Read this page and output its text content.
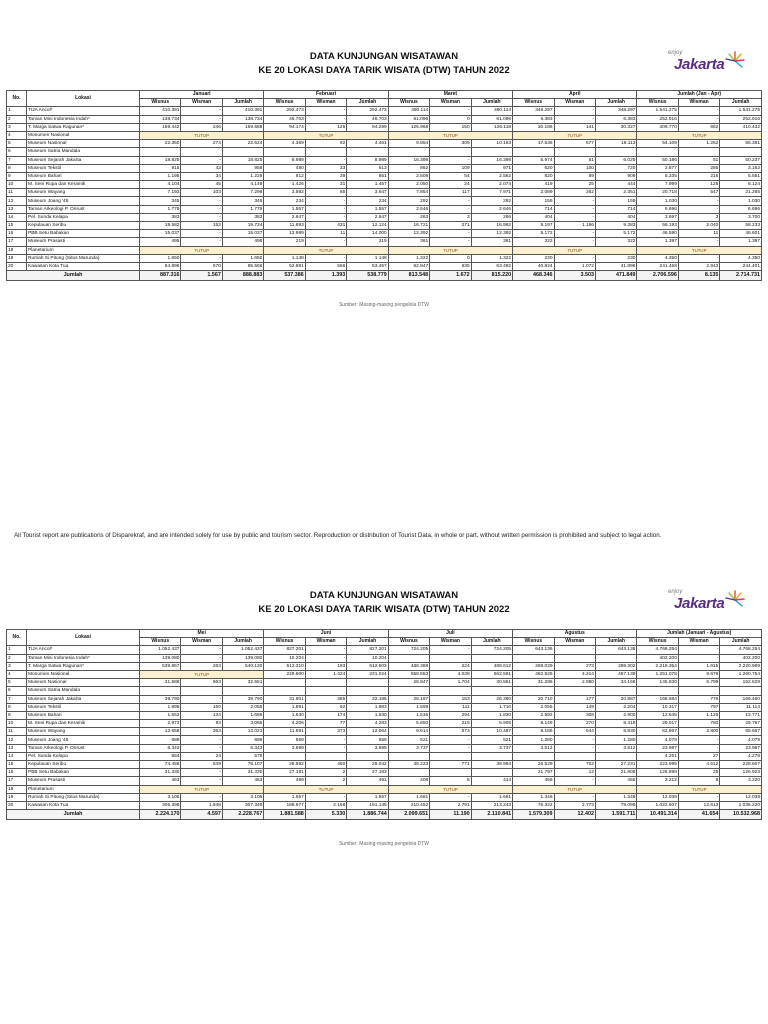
DATA KUNJUNGAN WISATAWAN
KE 20 LOKASI DAYA TARIK WISATA (DTW) TAHUN 2022
enjoy
Jakarta
No.	Lokasi	Januari			Februari			Maret			April			Jumlah (Jan - Apr)		
		Wisnus	Wisman	Jumlah	Wisnus	Wisman	Jumlah	Wisnus	Wisman	Jumlah	Wisnus	Wisman	Jumlah	Wisnus	Wisman	Jumlah
1	TIJA Ancol*	410.391	-	410.391	292.473	-	292.473	490.114	-	490.114	348.297	-	348.297	1.541.275	-	1.541.275
2	Taman Mini Indonesia Indah*	138.734	-	138.734	46.703	-	46.703	61.096	0	61.096	6.383	-	6.383	252.916	-	252.916
3	T. Marga Satwa Ragunan*	159.442	246	159.688	94.174	125	94.299	125.968	150	126.118	30.186	141	30.327	409.770	662	410.432
4	Monumen Nasional	TUTUP			TUTUP			TUTUP			TUTUP			TUTUP		
5	Museum Nasional	22.350	274	22.624	4.369	92	4.461	9.854	309	10.163	17.536	577	18.113	54.109	1.252	55.361
6	Museum Satria Mandala															
7	Museum Sejarah Jakarta	18.825	-	18.825	8.989	-	8.989	16.398	-	16.398	5.974	51	6.025	50.186	51	50.237
8	Museum Tekstil	915	43	958	480	33	513	862	109	971	620	100	720	2.877	285	3.162
9	Museum Bahari	1.195	34	1.229	812	39	851	2.508	54	2.562	820	89	909	5.335	216	5.551
10	M. Seni Rupa dan Keramik	4.104	45	4.149	1.426	31	1.457	2.050	24	2.074	419	25	444	7.999	125	8.124
11	Museum Wayang	7.193	103	7.296	3.582	65	3.647	7.854	117	7.971	2.089	262	2.351	20.718	547	21.265
12	Museum Joang '45	345	-	345	234	-	234	292	-	292	159	-	159	1.030	-	1.030
13	Taman Arkeologi P. Onrust	1.779	-	1.779	1.557	-	1.557	2.646	-	2.646	714	-	714	6.696	-	6.696
14	Pel. Sunda Kelapa	383	-	383	2.647	-	2.647	263	3	266	404	-	404	3.697	3	3.700
15	Kepulauan Seribu	19.582	152	19.734	11.693	431	12.124	16.721	271	16.992	8.197	1.186	9.383	56.193	2.040	58.233
16	PBB Setu Babakan	15.037	-	15.037	13.989	11	14.000	12.392	-	12.392	5.172	-	5.172	46.590	11	46.601
17	Museum Prasasti	495	-	495	219	-	219	361	-	361	322	-	322	1.397	-	1.397
18	Planetarium	TUTUP			TUTUP			TUTUP			TUTUP			TUTUP		
19	Rumah Si Pitung (Situs Marunda)	1.650	-	1.650	1.148	-	1.148	1.322	0	1.322	230	-	230	4.350	-	4.350
20	Kawasan Kota Tua	84.896	670	85.566	52.891	566	53.457	62.847	635	63.482	40.824	1.072	41.896	241.458	2.943	244.401
Jumlah		887.316	1.567	888.883	537.386	1.393	538.779	813.548	1.672	815.220	468.346	3.503	471.849	2.706.596	8.135	2.714.731
Sumber: Masing-masing pengelola DTW
All Tourist report are publications of Disparekraf, and are intended solely for use by public and tourism sector. Reproduction or distribution of Tourist Data, in whole or part, without written permission is prohibited and subject to legal action.
DATA KUNJUNGAN WISATAWAN
KE 20 LOKASI DAYA TARIK WISATA (DTW) TAHUN 2022
enjoy
Jakarta
No.	Lokasi	Mei			Juni			Juli			Agustus			Jumlah (Januari - Agustus)		
		Wisnus	Wisman	Jumlah	Wisnus	Wisman	Jumlah	Wisnus	Wisman	Jumlah	Wisnus	Wisman	Jumlah	Wisnus	Wisman	Jumlah
1	TIJA Ancol*	1.052.437	-	1.052.437	827.201	-	827.201	724.205	-	724.205	643.136	-	643.136	4.768.254	-	4.768.254
2	Taman Mini Indonesia Indah*	139.080	-	139.080	10.204	-	10.204							402.200	-	402.200
3	T. Marga Satwa Ragunan*	539.857	263	540.120	512.310	193	512.503	488.388	224	488.612	269.029	273	269.302	2.219.354	1.615	2.220.969
4	Monumen Nasional	TUTUP			229.600	1.424	231.024	558.553	4.038	562.591	462.925	4.214	467.139	1.251.078	9.676	1.260.754
5	Museum Nasional	31.588	963	32.551				28.847	1.704	30.551	31.286	2.880	34.166	145.830	6.799	152.629
6	Museum Satria Mandala															
7	Museum Sejarah Jakarta	39.790	-	39.790	31.801	385	32.186	26.197	163	26.360	20.710	177	20.887	168.684	776	169.460
8	Museum Tekstil	1.895	160	2.055	1.891	92	1.983	1.599	111	1.710	2.055	149	2.204	10.317	797	11.114
9	Museum Bahari	1.552	134	1.686	1.630	174	1.630	1.536	294	1.830	2.592	308	2.900	12.645	1.126	13.771
10	M. Seni Rupa dan Keramik	2.973	93	3.066	4.206	77	4.283	5.650	215	5.905	8.149	270	8.419	29.017	780	29.797
11	Museum Wayang	12.658	363	13.021	11.691	373	12.064	9.614	873	10.487	8.186	644	8.830	62.867	2.800	65.667
12	Museum Joang '45	689	-	689	559	-	559	521	-	521	1.280	-	1.280	4.079	-	4.079
13	Taman Arkeologi P. Onrust	6.343	-	6.343	3.699	-	3.699	3.737	-	3.737	3.512	-	3.512	23.987	-	23.987
14	Pel. Sunda Kelapa	554	24	578										4.251	27	4.278
15	Kepulauan Seribu	74.458	649	75.107	28.592	450	29.042	38.223	771	38.994	26.529	702	27.231	223.995	4.612	228.607
16	PBB Setu Babakan	31.330	-	31.330	27.181	2	27.183				21.797	12	21.809	126.898	25	126.923
17	Museum Prasasti	463	-	463	489	2	491	408	6	414	455	-	455	3.212	8	3.220
18	Planetarium	TUTUP			TUTUP			TUTUP			TUTUP			TUTUP		
19	Rumah Si Pitung (Situs Marunda)	3.105	-	3.105	1.557	-	1.557	1.681	-	1.681	1.346	-	1.346	12.039	-	12.039
20	Kawasan Kota Tua	305.398	1.948	307.346	188.977	2.158	191.135	210.452	2.791	213.243	76.322	2.773	79.095	1.022.607	12.613	1.035.220
Jumlah		2.224.170	4.597	2.228.767	1.881.588	5.330	1.886.744	2.099.651	11.190	2.110.841	1.579.309	12.402	1.591.711	10.491.314	41.654	10.532.968
Sumber: Masing-masing pengelola DTW
